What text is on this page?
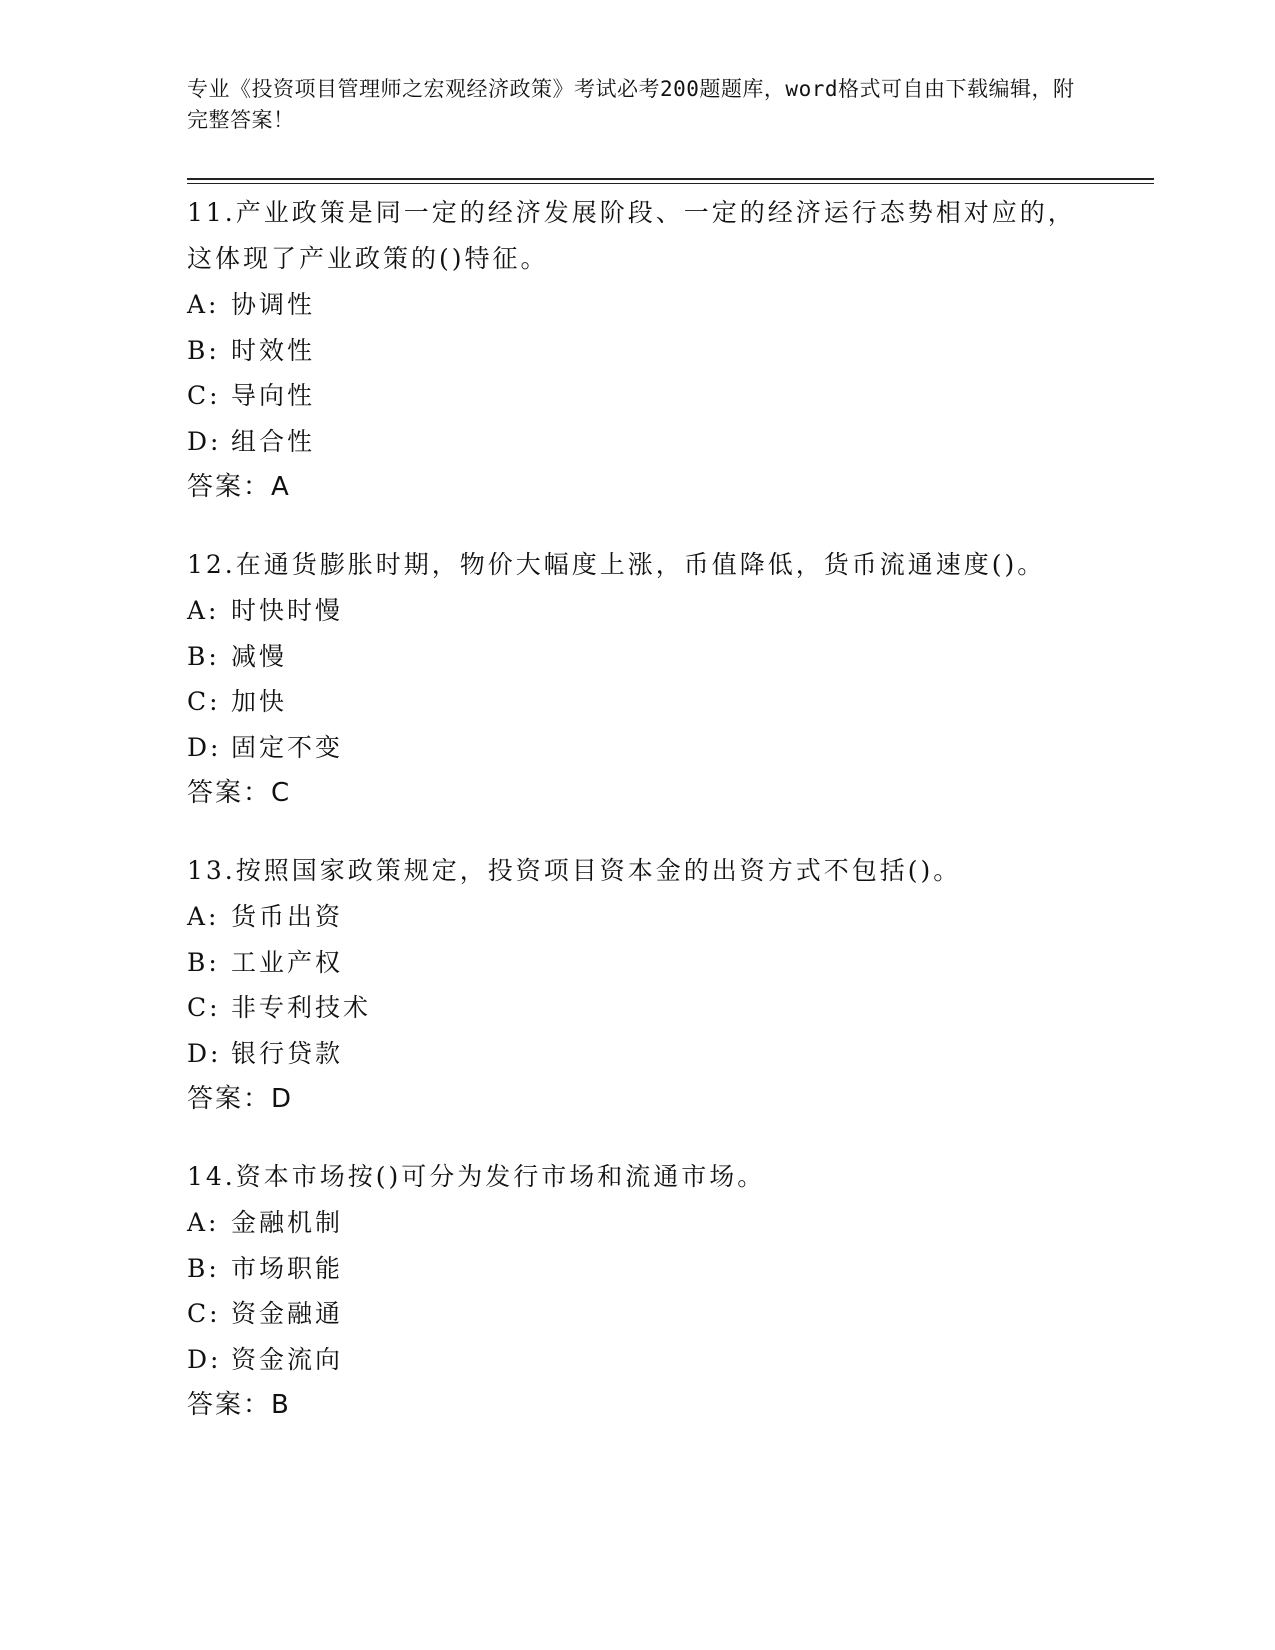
专业《投资项目管理师之宏观经济政策》考试必考200题题库，word格式可自由下载编辑，附完整答案！

11.产业政策是同一定的经济发展阶段、一定的经济运行态势相对应的，这体现了产业政策的()特征。

A: 协调性

B: 时效性

C: 导向性

D: 组合性

答案：A

12.在通货膨胀时期，物价大幅度上涨，币值降低，货币流通速度()。

A: 时快时慢

B: 减慢

C: 加快

D: 固定不变

答案：C

13.按照国家政策规定，投资项目资本金的出资方式不包括()。

A: 货币出资

B: 工业产权

C: 非专利技术

D: 银行贷款

答案：D

14.资本市场按()可分为发行市场和流通市场。

A: 金融机制

B: 市场职能

C: 资金融通

D: 资金流向

答案：B
